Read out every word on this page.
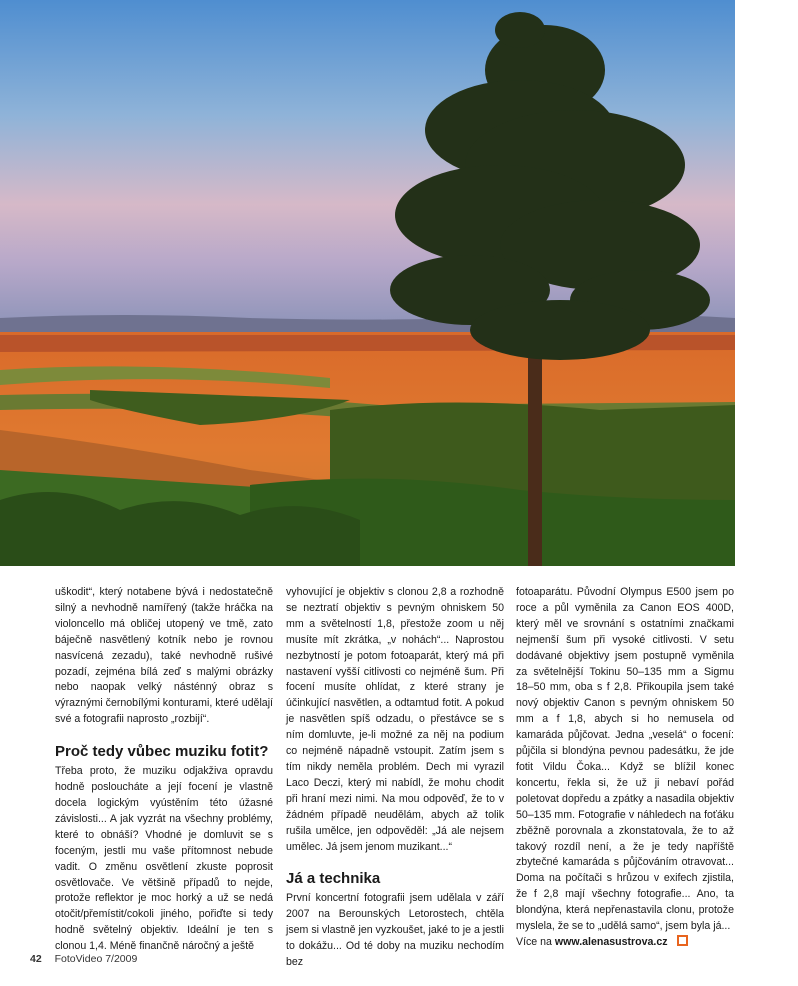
uškodit“, který notabene bývá i nedostatečně silný a nevhodně namířený (takže hráčka na violoncello má obličej utopený ve tmě, zato báječně nasvětlený kotník nebo je rovnou nasvícená zezadu), také nevhodně rušivé pozadí, zejména bílá zeď s malými obrázky nebo naopak velký násténný obraz s výraznými černobílými konturami, které udělají své a fotografii naprosto „rozbijí“.

Proč tedy vůbec muziku fotit?

Třeba proto, že muziku odjakživa opravdu hodně posloucháte a její focení je vlastně docela logickým vyústěním této úžasné závislosti... A jak vyzrát na všechny problémy, které to obnáší? Vhodné je domluvit se s foceným, jestli mu vaše přítomnost nebude vadit. O změnu osvětlení zkuste poprosit osvětlovače. Ve většině případů to nejde, protože reflektor je moc horký a už se nedá otočit/přemístit/cokoli jiného, pořiďte si tedy hodně světelný objektiv. Ideální je ten s clonou 1,4. Méně finančně náročný a ještě

vyhovující je objektiv s clonou 2,8 a rozhodně se neztratí objektiv s pevným ohniskem 50 mm a světelností 1,8, přestože zoom u něj musíte mít zkrátka, „v nohách“... Naprostou nezbytností je potom fotoaparát, který má při nastavení vyšší citlivosti co nejméně šum. Při focení musíte ohlídat, z které strany je účinkující nasvětlen, a odtamtud fotit. A pokud je nasvětlen spíš odzadu, o přestávce se s ním domluvte, je-li možné za něj na podium co nejméně nápadně vstoupit. Zatím jsem s tím nikdy neměla problém. Dech mi vyrazil Laco Deczi, který mi nabídl, že mohu chodit při hraní mezi nimi. Na mou odpověď, že to v žádném případě neudělám, abych až tolik rušila umělce, jen odpověděl: „Já ale nejsem umělec. Já jsem jenom muzikant...“

Já a technika

První koncertní fotografii jsem udělala v září 2007 na Berounských Letorostech, chtěla jsem si vlastně jen vyzkoušet, jaké to je a jestli to dokážu... Od té doby na muziku nechodím bez

fotoaparátu. Původní Olympus E500 jsem po roce a půl vyměnila za Canon EOS 400D, který měl ve srovnání s ostatními značkami nejmenší šum při vysoké citlivosti. V setu dodávané objektivy jsem postupně vyměnila za světelnější Tokinu 50–135 mm a Sigmu 18–50 mm, oba s f 2,8. Přikoupila jsem také nový objektiv Canon s pevným ohniskem 50 mm a f 1,8, abych si ho nemusela od kamaráda půjčovat. Jedna „veselá“ o focení: půjčila si blondýna pevnou padesátku, že jde fotit Vildu Čoka... Když se blížil konec koncertu, řekla si, že už ji nebaví pořád poletovat dopředu a zpátky a nasadila objektiv 50–135 mm. Fotografie v náhledech na foťáku zběžně porovnala a zkonstatovala, že to až takový rozdíl není, a že je tedy napříště zbytečné kamaráda s půjčováním otravovat... Doma na počítači s hrůzou v exifech zjistila, že f 2,8 mají všechny fotografie... Ano, ta blondýna, která nepřenastavila clonu, protože myslela, že se to „udělá samo“, jsem byla já...

Více na www.alenasustrova.cz

42 FotoVideo 7/2009
